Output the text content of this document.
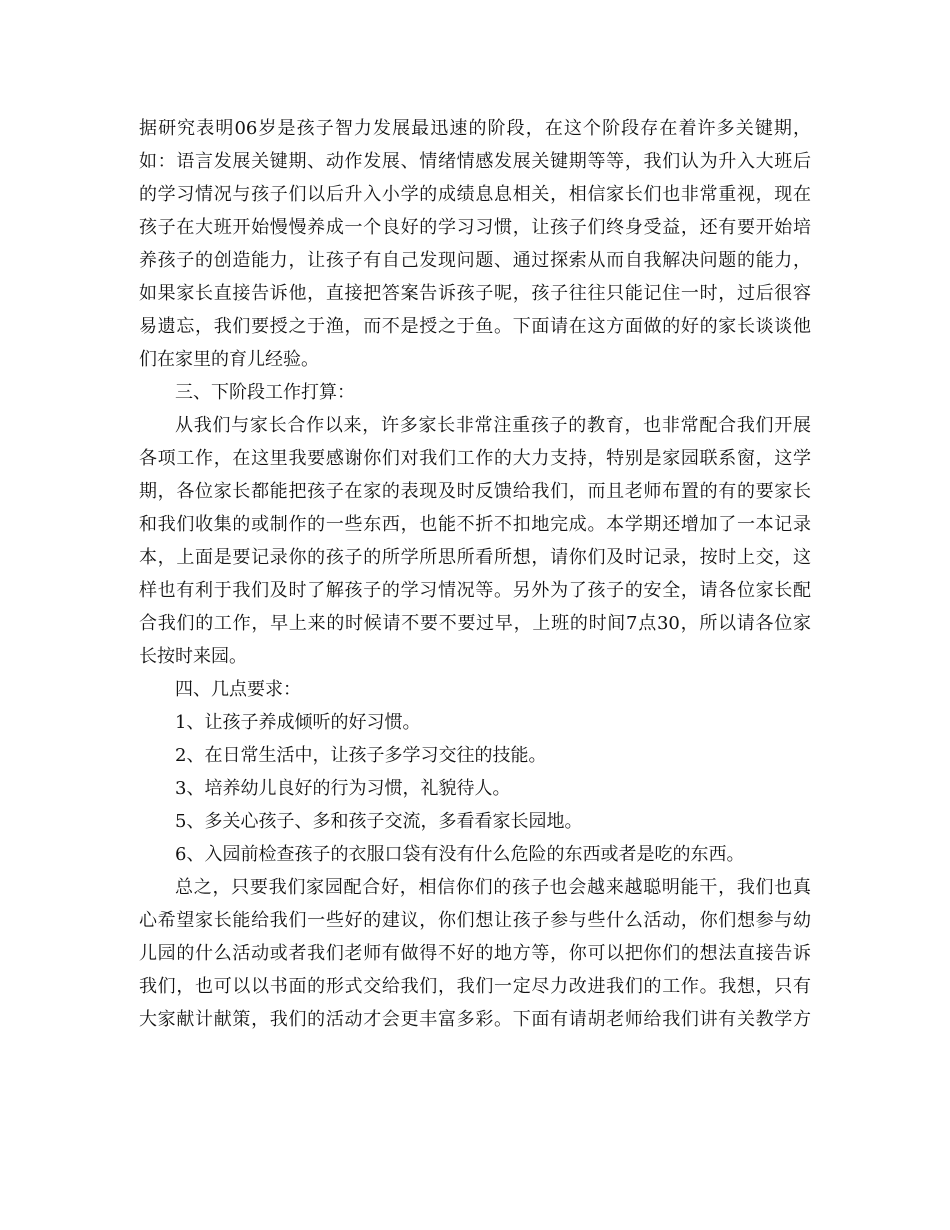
据研究表明06岁是孩子智力发展最迅速的阶段，在这个阶段存在着许多关键期，
如：语言发展关键期、动作发展、情绪情感发展关键期等等，我们认为升入大班后
的学习情况与孩子们以后升入小学的成绩息息相关，相信家长们也非常重视，现在
孩子在大班开始慢慢养成一个良好的学习习惯，让孩子们终身受益，还有要开始培
养孩子的创造能力，让孩子有自己发现问题、通过探索从而自我解决问题的能力，
如果家长直接告诉他，直接把答案告诉孩子呢，孩子往往只能记住一时，过后很容
易遗忘，我们要授之于渔，而不是授之于鱼。下面请在这方面做的好的家长谈谈他
们在家里的育儿经验。
三、下阶段工作打算：
从我们与家长合作以来，许多家长非常注重孩子的教育，也非常配合我们开展
各项工作，在这里我要感谢你们对我们工作的大力支持，特别是家园联系窗，这学
期，各位家长都能把孩子在家的表现及时反馈给我们，而且老师布置的有的要家长
和我们收集的或制作的一些东西，也能不折不扣地完成。本学期还增加了一本记录
本，上面是要记录你的孩子的所学所思所看所想，请你们及时记录，按时上交，这
样也有利于我们及时了解孩子的学习情况等。另外为了孩子的安全，请各位家长配
合我们的工作，早上来的时候请不要不要过早，上班的时间7点30，所以请各位家
长按时来园。
四、几点要求：
1、让孩子养成倾听的好习惯。
2、在日常生活中，让孩子多学习交往的技能。
3、培养幼儿良好的行为习惯，礼貌待人。
5、多关心孩子、多和孩子交流，多看看家长园地。
6、入园前检查孩子的衣服口袋有没有什么危险的东西或者是吃的东西。
总之，只要我们家园配合好，相信你们的孩子也会越来越聪明能干，我们也真
心希望家长能给我们一些好的建议，你们想让孩子参与些什么活动，你们想参与幼
儿园的什么活动或者我们老师有做得不好的地方等，你可以把你们的想法直接告诉
我们，也可以以书面的形式交给我们，我们一定尽力改进我们的工作。我想，只有
大家献计献策，我们的活动才会更丰富多彩。下面有请胡老师给我们讲有关教学方
